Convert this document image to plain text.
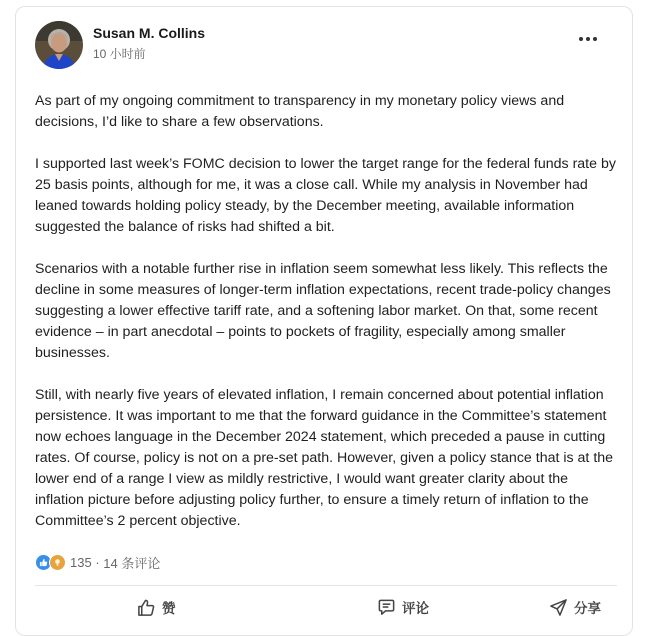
Susan M. Collins
10 小时前

As part of my ongoing commitment to transparency in my monetary policy views and decisions, I’d like to share a few observations.

I supported last week’s FOMC decision to lower the target range for the federal funds rate by 25 basis points, although for me, it was a close call. While my analysis in November had leaned towards holding policy steady, by the December meeting, available information suggested the balance of risks had shifted a bit.

Scenarios with a notable further rise in inflation seem somewhat less likely. This reflects the decline in some measures of longer-term inflation expectations, recent trade-policy changes suggesting a lower effective tariff rate, and a softening labor market. On that, some recent evidence – in part anecdotal – points to pockets of fragility, especially among smaller businesses.

Still, with nearly five years of elevated inflation, I remain concerned about potential inflation persistence. It was important to me that the forward guidance in the Committee’s statement now echoes language in the December 2024 statement, which preceded a pause in cutting rates. Of course, policy is not on a pre-set path. However, given a policy stance that is at the lower end of a range I view as mildly restrictive, I would want greater clarity about the inflation picture before adjusting policy further, to ensure a timely return of inflation to the Committee’s 2 percent objective.

135 · 14 条评论
赞	评论	分享
